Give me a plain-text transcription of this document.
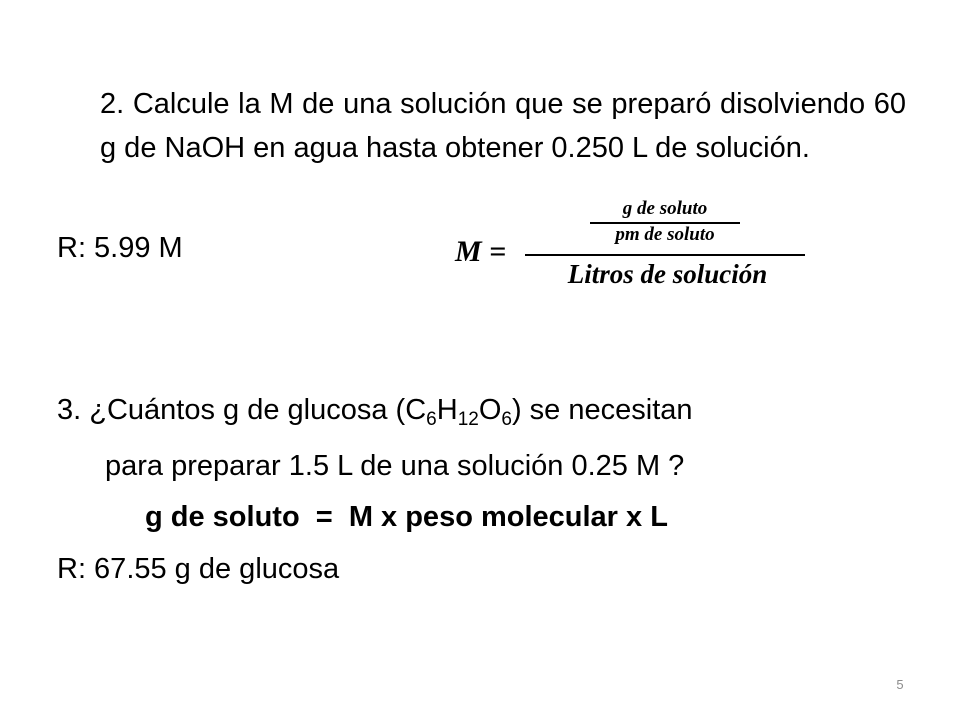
2. Calcule la M de una solución que se preparó disolviendo 60 g de NaOH en agua hasta obtener 0.250 L de solución.

R: 5.99 M	M =
g de soluto
pm de soluto
Litros de solución

3. ¿Cuántos g de glucosa $(C_6H_{12}O_6)$ se necesitan

para preparar 1.5 L de una solución 0.25 M ?

g de soluto  =  M x peso molecular x L

R: 67.55 g de glucosa

5
